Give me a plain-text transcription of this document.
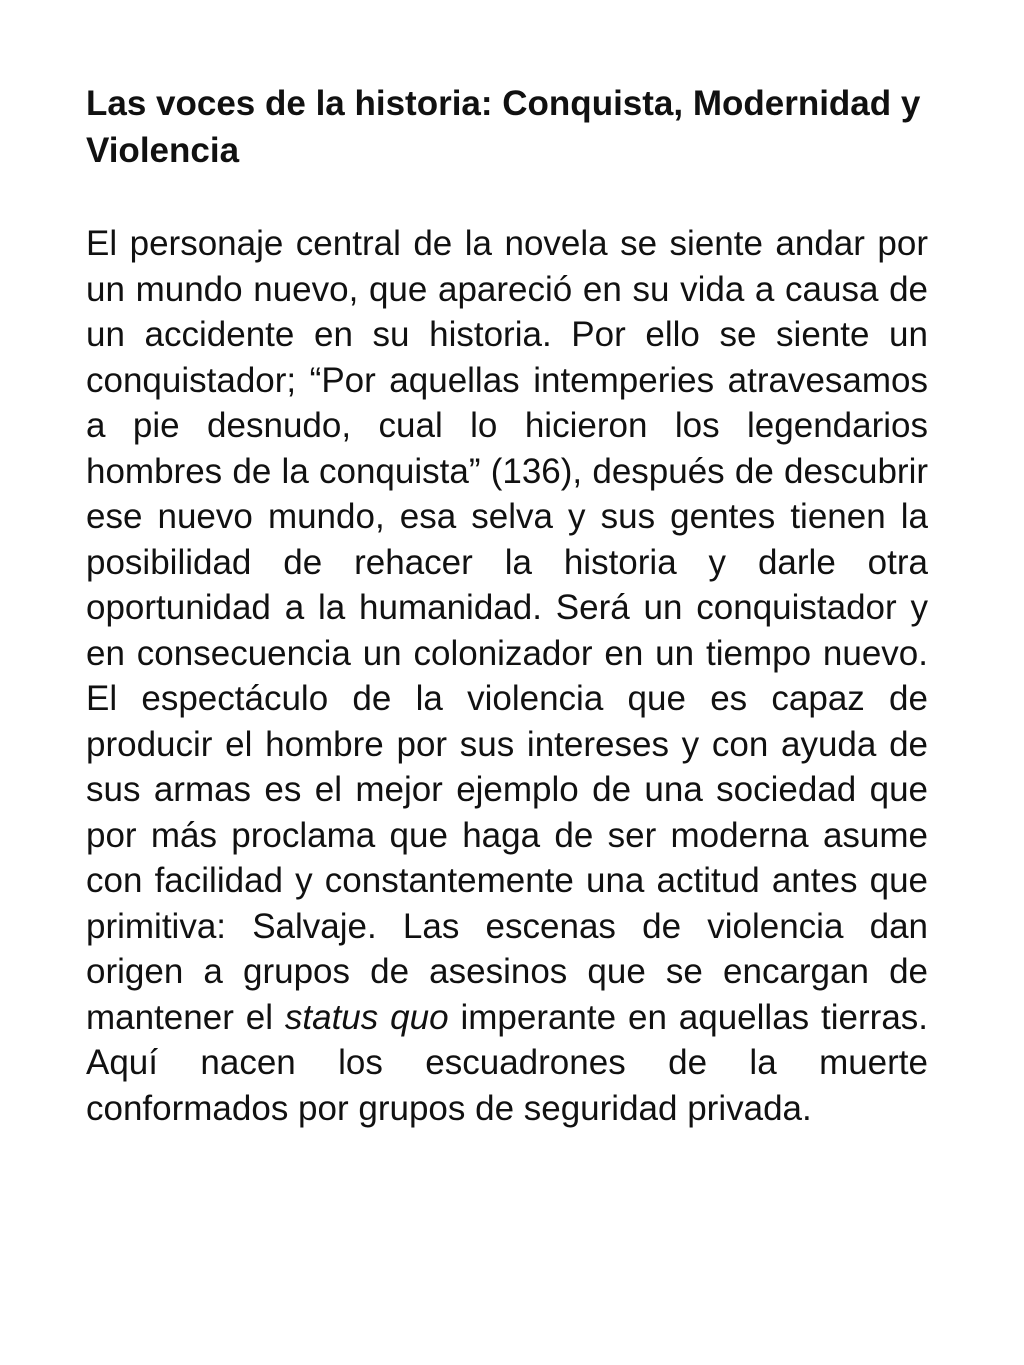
Las voces de la historia: Conquista, Modernidad y Violencia

El personaje central de la novela se siente andar por un mundo nuevo, que apareció en su vida a causa de un accidente en su historia. Por ello se siente un conquistador; “Por aquellas intemperies atravesamos a pie desnudo, cual lo hicieron los legendarios hombres de la conquista” (136), después de descubrir ese nuevo mundo, esa selva y sus gentes tienen la posibilidad de rehacer la historia y darle otra oportunidad a la humanidad. Será un conquistador y en consecuencia un colonizador en un tiempo nuevo. El espectáculo de la violencia que es capaz de producir el hombre por sus intereses y con ayuda de sus armas es el mejor ejemplo de una sociedad que por más proclama que haga de ser moderna asume con facilidad y constantemente una actitud antes que primitiva: Salvaje. Las escenas de violencia dan origen a grupos de asesinos que se encargan de mantener el status quo imperante en aquellas tierras. Aquí nacen los escuadrones de la muerte conformados por grupos de seguridad privada.
